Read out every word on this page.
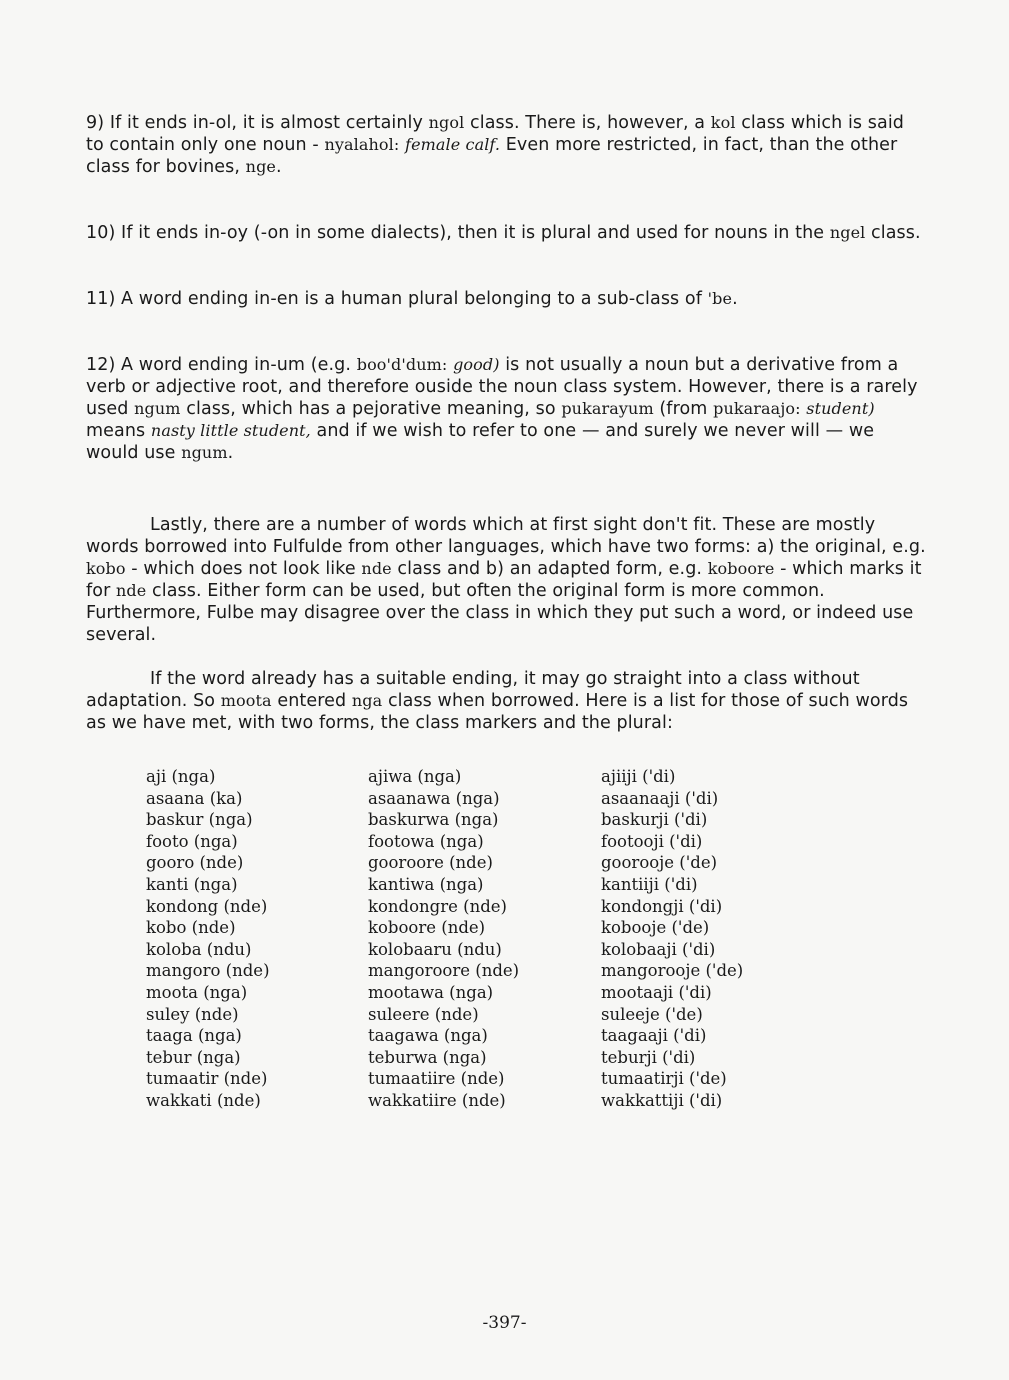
9) If it ends in-ol, it is almost certainly ngol class. There is, however, a kol class which is said to contain only one noun - nyalahol: female calf. Even more restricted, in fact, than the other class for bovines, nge.

10) If it ends in-oy (-on in some dialects), then it is plural and used for nouns in the ngel class.

11) A word ending in-en is a human plural belonging to a sub-class of 'be.

12) A word ending in-um (e.g. boo'd'dum: good) is not usually a noun but a derivative from a verb or adjective root, and therefore ouside the noun class system. However, there is a rarely used ngum class, which has a pejorative meaning, so pukarayum (from pukaraajo: student) means nasty little student, and if we wish to refer to one — and surely we never will — we would use ngum.

Lastly, there are a number of words which at first sight don't fit. These are mostly words borrowed into Fulfulde from other languages, which have two forms: a) the original, e.g. kobo - which does not look like nde class and b) an adapted form, e.g. koboore - which marks it for nde class. Either form can be used, but often the original form is more common. Furthermore, Fulbe may disagree over the class in which they put such a word, or indeed use several.

If the word already has a suitable ending, it may go straight into a class without adaptation. So moota entered nga class when borrowed. Here is a list for those of such words as we have met, with two forms, the class markers and the plural:

aji (nga)	ajiwa (nga)	ajiiji ('di)
asaana (ka)	asaanawa (nga)	asaanaaji ('di)
baskur (nga)	baskurwa (nga)	baskurji ('di)
footo (nga)	footowa (nga)	footooji ('di)
gooro (nde)	gooroore (nde)	goorooje ('de)
kanti (nga)	kantiwa (nga)	kantiiji ('di)
kondong (nde)	kondongre (nde)	kondongji ('di)
kobo (nde)	koboore (nde)	kobooje ('de)
koloba (ndu)	kolobaaru (ndu)	kolobaaji ('di)
mangoro (nde)	mangoroore (nde)	mangorooje ('de)
moota (nga)	mootawa (nga)	mootaaji ('di)
suley (nde)	suleere (nde)	suleeje ('de)
taaga (nga)	taagawa (nga)	taagaaji ('di)
tebur (nga)	teburwa (nga)	teburji ('di)
tumaatir (nde)	tumaatiire (nde)	tumaatirji ('de)
wakkati (nde)	wakkatiire (nde)	wakkattiji ('di)
-397-
